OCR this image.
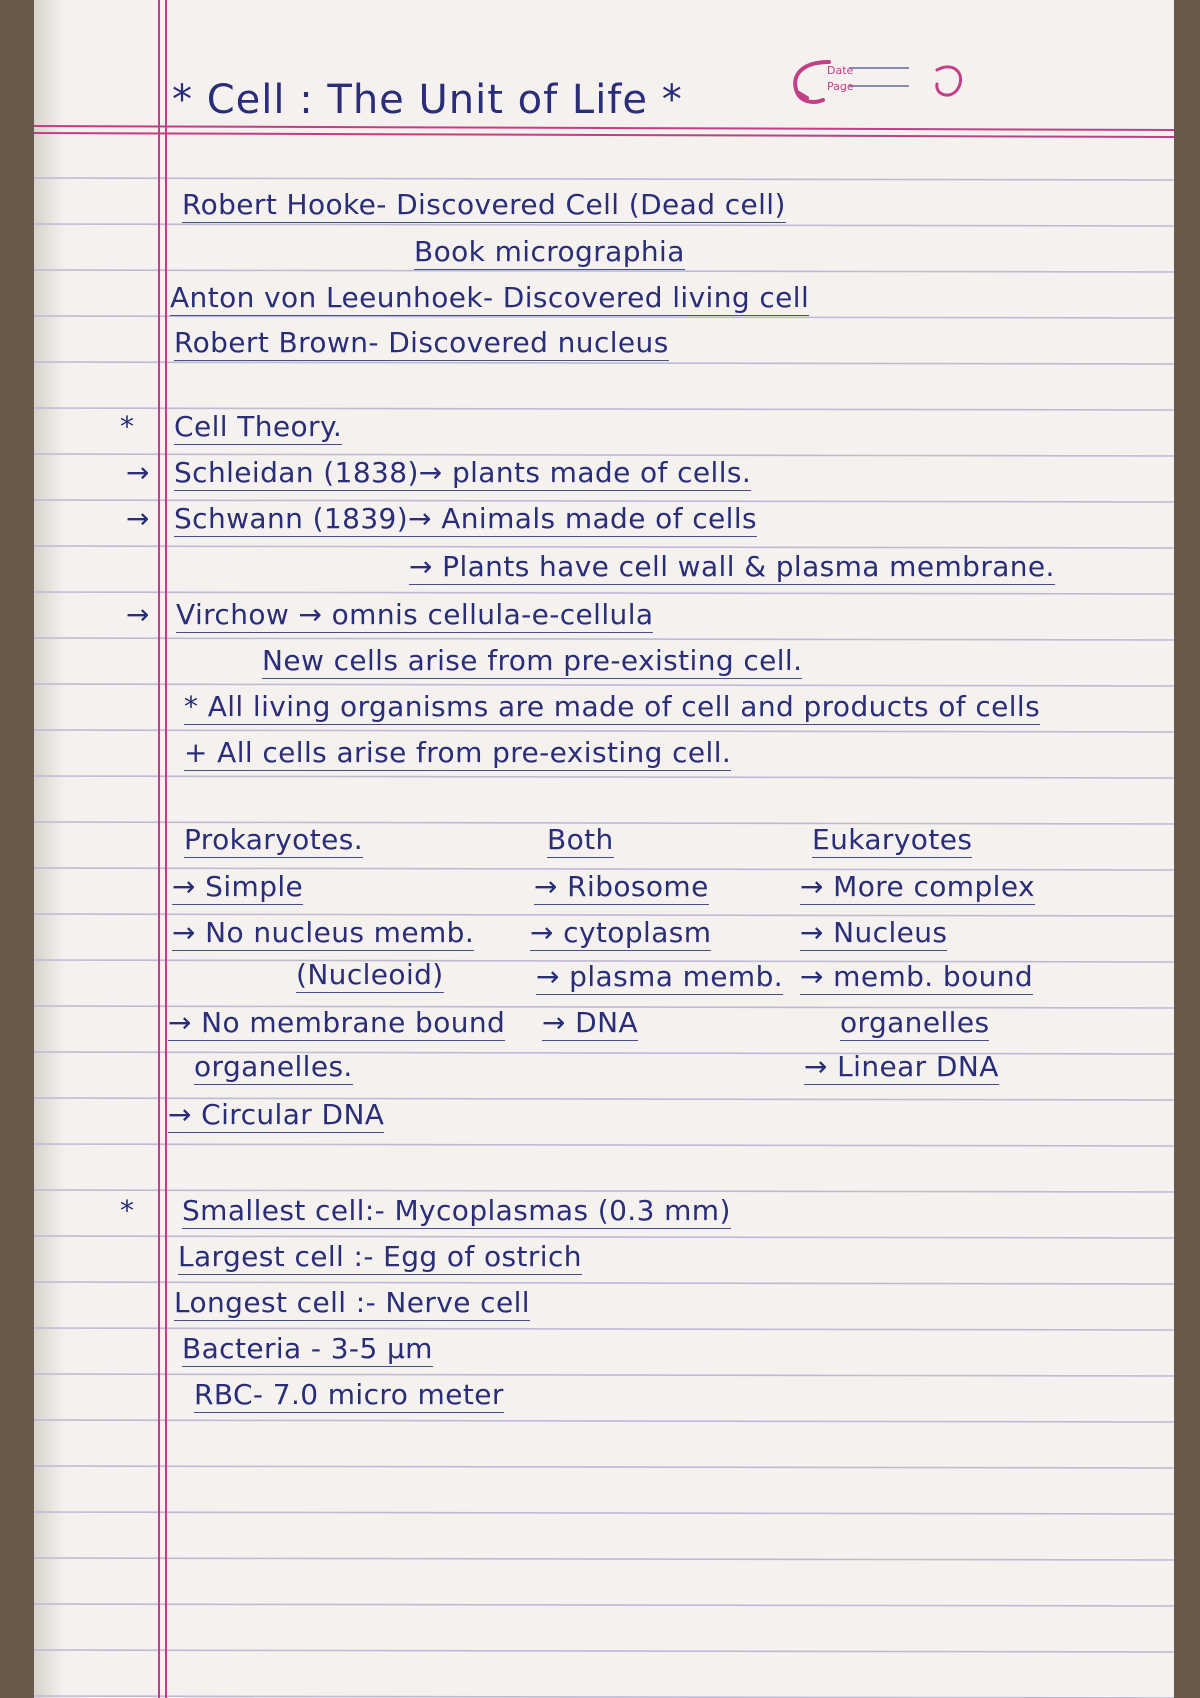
Date
Page
* Cell : The Unit of Life *
Robert Hooke- Discovered Cell (Dead cell)
Book micrographia
Anton von Leeunhoek- Discovered living cell
Robert Brown- Discovered nucleus
* Cell Theory.
→ Schleidan (1838)→ plants made of cells.
→ Schwann (1839)→ Animals made of cells
→ Plants have cell wall & plasma membrane.
→ Virchow → omnis cellula-e-cellula
New cells arise from pre-existing cell.
* All living organisms are made of cell and products of cells
+ All cells arise from pre-existing cell.
Prokaryotes.	Both	Eukaryotes
→ Simple
→ No nucleus memb.
(Nucleoid)
→ No membrane bound
organelles.
→ Circular DNA
→ Ribosome
→ cytoplasm
→ plasma memb.
→ DNA
→ More complex
→ Nucleus
→ memb. bound
organelles
→ Linear DNA
* Smallest cell:- Mycoplasmas (0.3 mm)
Largest cell :- Egg of ostrich
Longest cell :- Nerve cell
Bacteria - 3-5 μm
RBC- 7.0 micro meter
